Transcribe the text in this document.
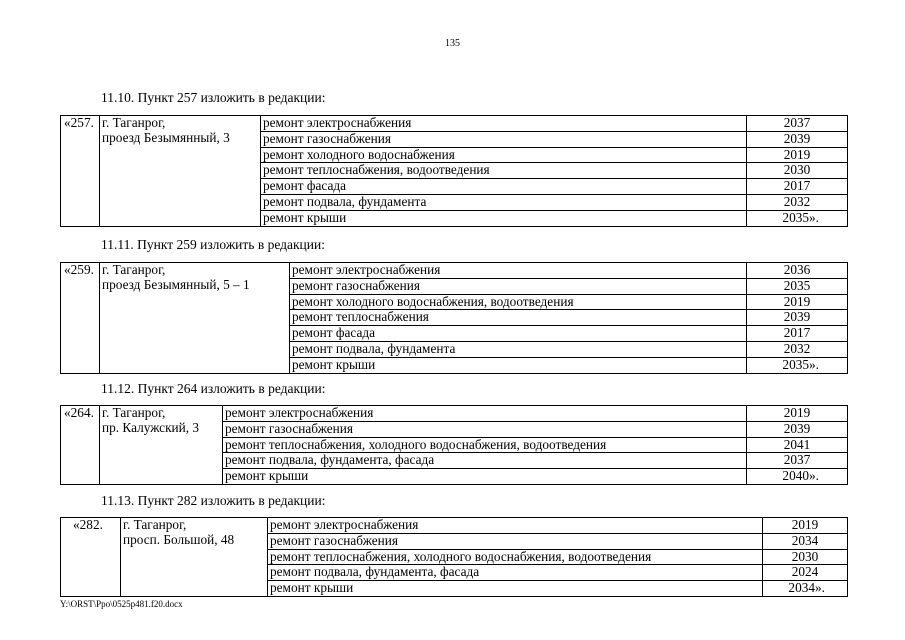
135
11.10. Пункт 257 изложить в редакции:
«257.	г. Таганрог,
проезд Безымянный, 3	ремонт электроснабжения	2037
		ремонт газоснабжения	2039
		ремонт холодного водоснабжения	2019
		ремонт теплоснабжения, водоотведения	2030
		ремонт фасада	2017
		ремонт подвала, фундамента	2032
		ремонт крыши	2035».
11.11. Пункт 259 изложить в редакции:
«259.	г. Таганрог,
проезд Безымянный, 5 – 1	ремонт электроснабжения	2036
		ремонт газоснабжения	2035
		ремонт холодного водоснабжения, водоотведения	2019
		ремонт теплоснабжения	2039
		ремонт фасада	2017
		ремонт подвала, фундамента	2032
		ремонт крыши	2035».
11.12. Пункт 264 изложить в редакции:
«264.	г. Таганрог,
пр. Калужский, 3	ремонт электроснабжения	2019
		ремонт газоснабжения	2039
		ремонт теплоснабжения, холодного водоснабжения, водоотведения	2041
		ремонт подвала, фундамента, фасада	2037
		ремонт крыши	2040».
11.13. Пункт 282 изложить в редакции:
«282.	г. Таганрог,
просп. Большой, 48	ремонт электроснабжения	2019
		ремонт газоснабжения	2034
		ремонт теплоснабжения, холодного водоснабжения, водоотведения	2030
		ремонт подвала, фундамента, фасада	2024
		ремонт крыши	2034».
Y:\ORST\Ppo\0525p481.f20.docx
